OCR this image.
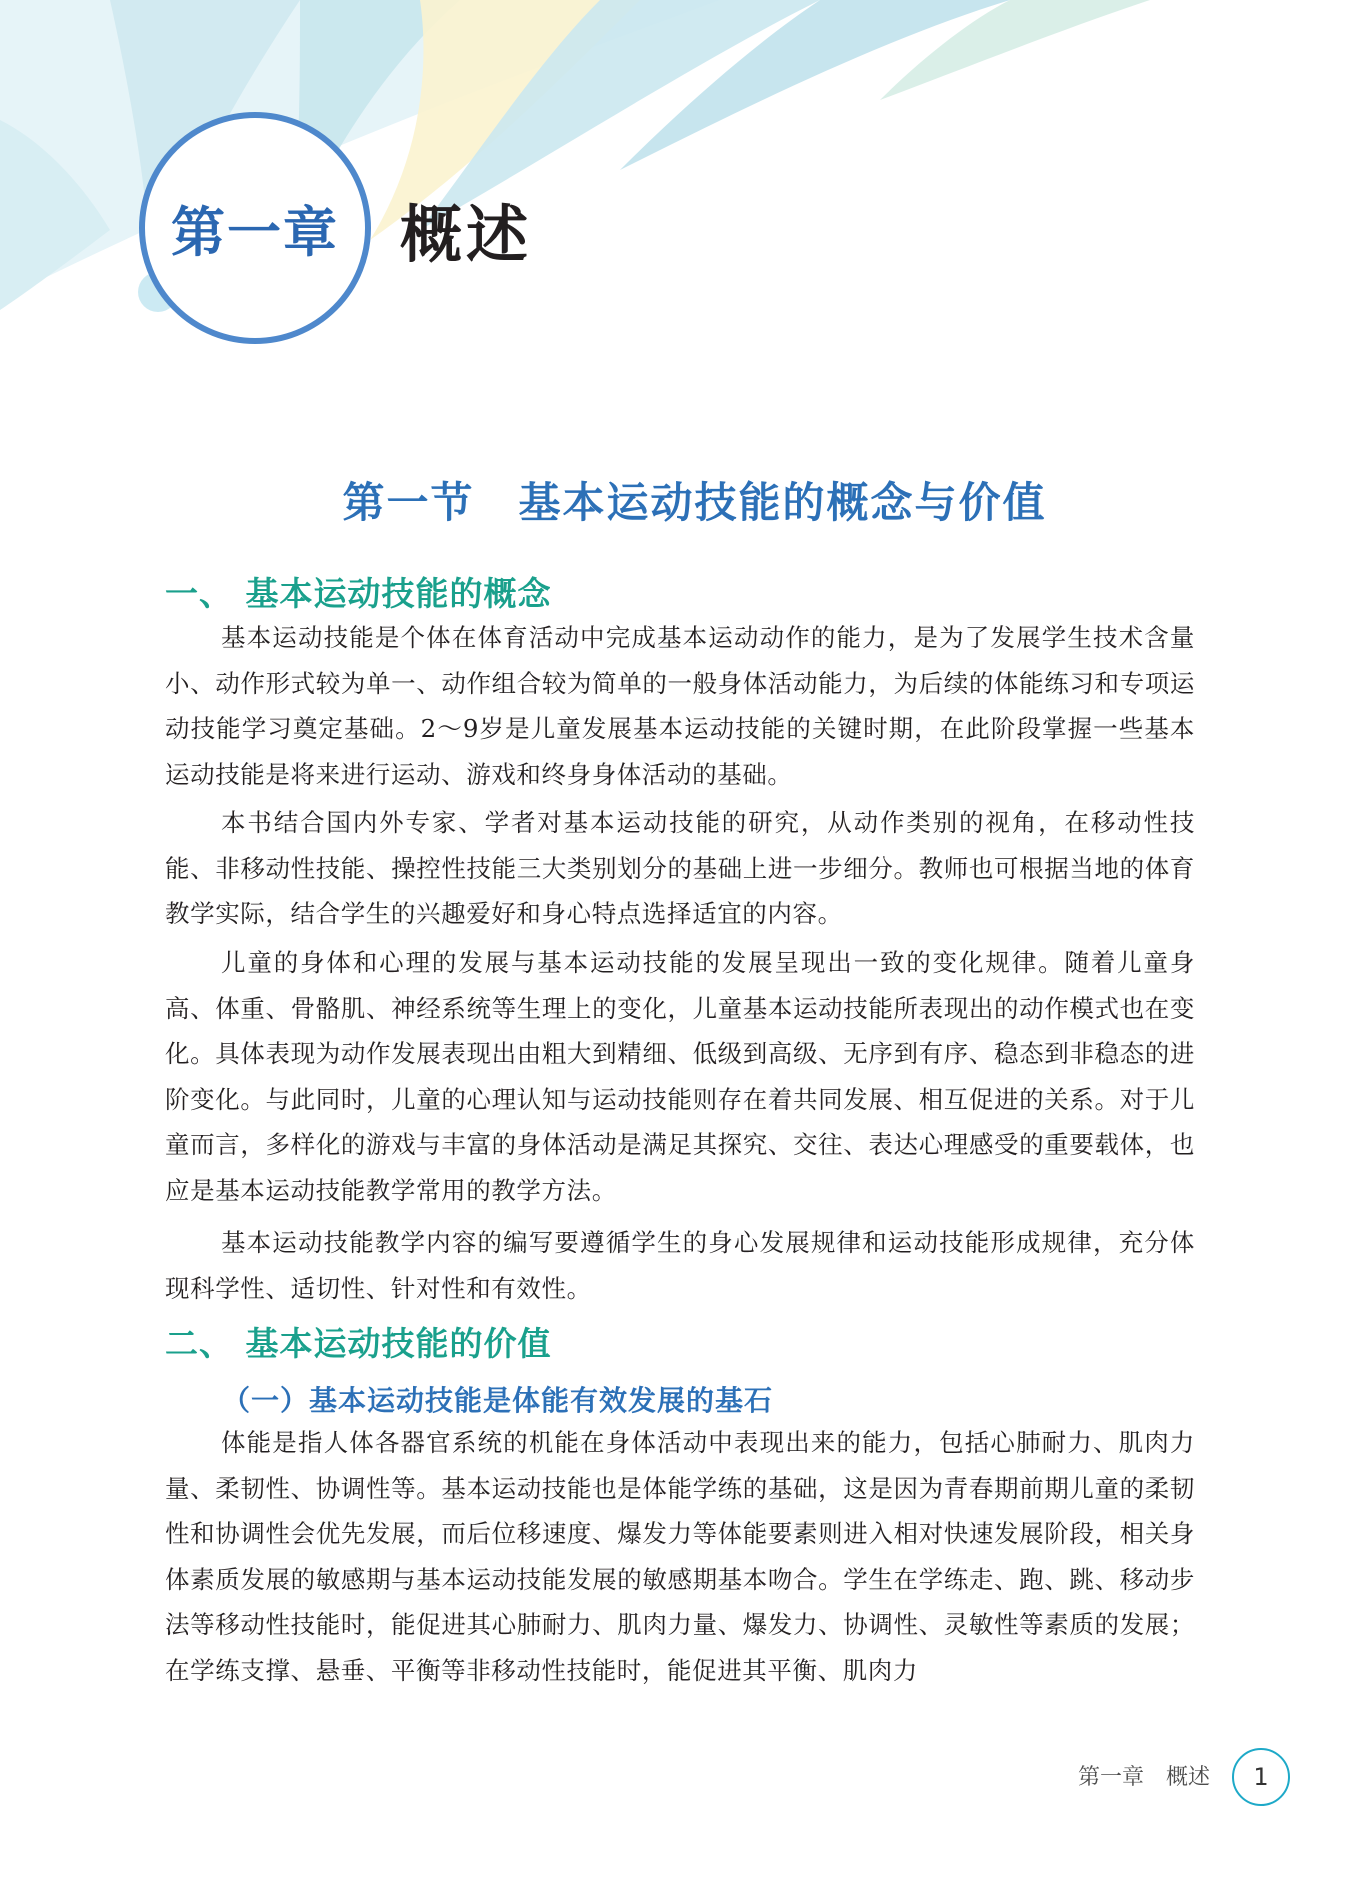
第一章 概述
第一节　基本运动技能的概念与价值
一、 基本运动技能的概念

基本运动技能是个体在体育活动中完成基本运动动作的能力，是为了发展学生技术含量小、动作形式较为单一、动作组合较为简单的一般身体活动能力，为后续的体能练习和专项运动技能学习奠定基础。2～9岁是儿童发展基本运动技能的关键时期，在此阶段掌握一些基本运动技能是将来进行运动、游戏和终身身体活动的基础。

本书结合国内外专家、学者对基本运动技能的研究，从动作类别的视角，在移动性技能、非移动性技能、操控性技能三大类别划分的基础上进一步细分。教师也可根据当地的体育教学实际，结合学生的兴趣爱好和身心特点选择适宜的内容。

儿童的身体和心理的发展与基本运动技能的发展呈现出一致的变化规律。随着儿童身高、体重、骨骼肌、神经系统等生理上的变化，儿童基本运动技能所表现出的动作模式也在变化。具体表现为动作发展表现出由粗大到精细、低级到高级、无序到有序、稳态到非稳态的进阶变化。与此同时，儿童的心理认知与运动技能则存在着共同发展、相互促进的关系。对于儿童而言，多样化的游戏与丰富的身体活动是满足其探究、交往、表达心理感受的重要载体，也应是基本运动技能教学常用的教学方法。

基本运动技能教学内容的编写要遵循学生的身心发展规律和运动技能形成规律，充分体现科学性、适切性、针对性和有效性。

二、 基本运动技能的价值
（一）基本运动技能是体能有效发展的基石

体能是指人体各器官系统的机能在身体活动中表现出来的能力，包括心肺耐力、肌肉力量、柔韧性、协调性等。基本运动技能也是体能学练的基础，这是因为青春期前期儿童的柔韧性和协调性会优先发展，而后位移速度、爆发力等体能要素则进入相对快速发展阶段，相关身体素质发展的敏感期与基本运动技能发展的敏感期基本吻合。学生在学练走、跑、跳、移动步法等移动性技能时，能促进其心肺耐力、肌肉力量、爆发力、协调性、灵敏性等素质的发展；在学练支撑、悬垂、平衡等非移动性技能时，能促进其平衡、肌肉力

第一章　概述	1
